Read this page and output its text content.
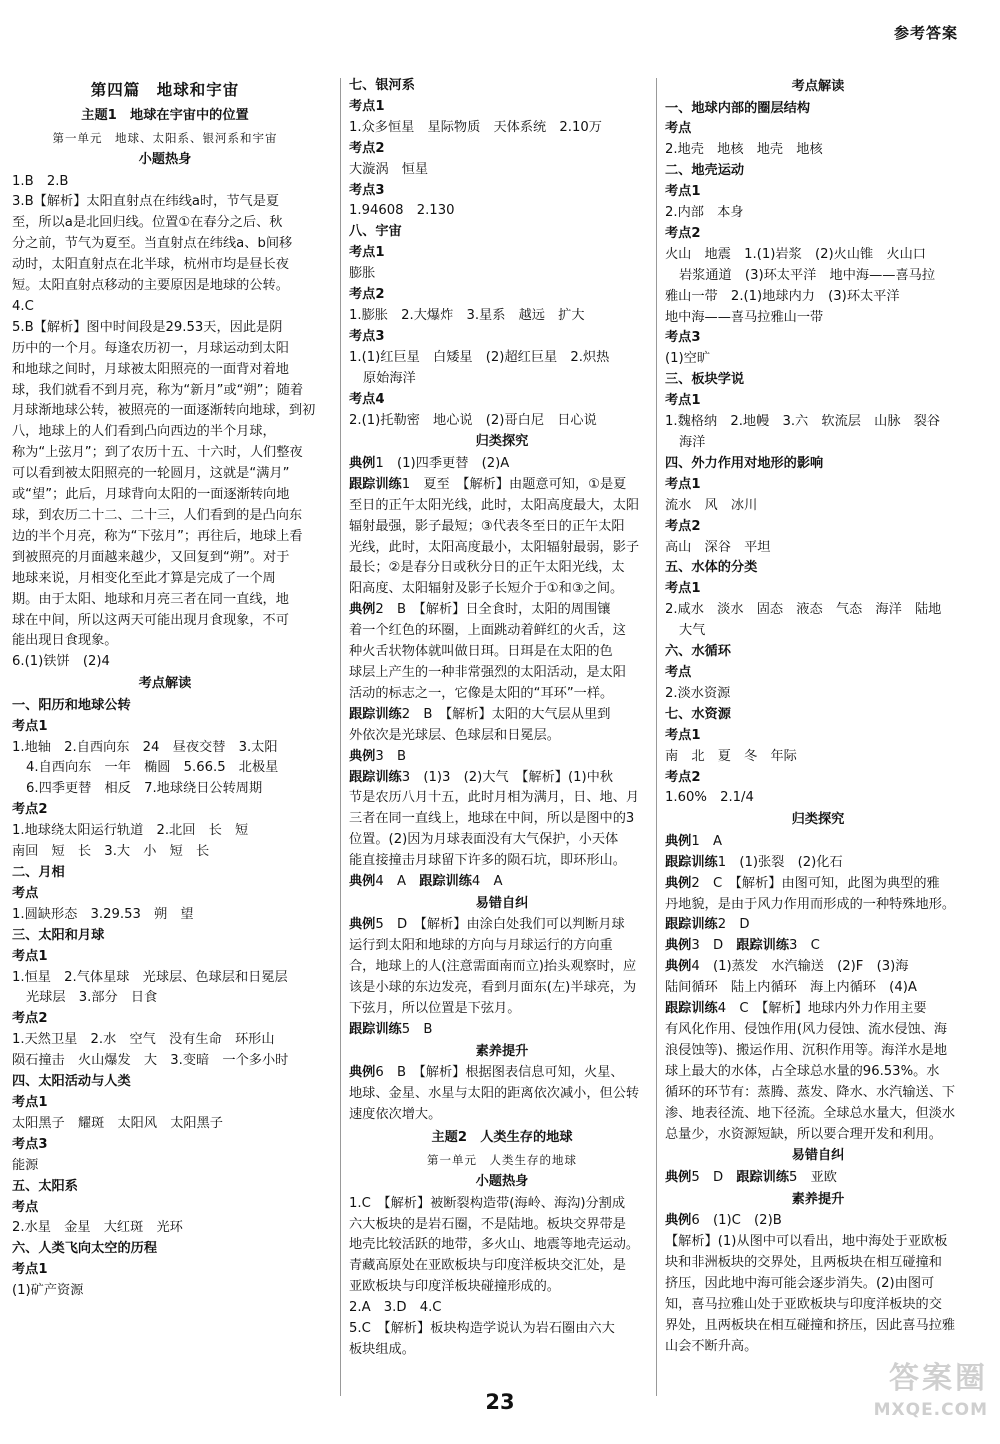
参考答案
第四篇　地球和宇宙
主题1　地球在宇宙中的位置
第一单元　地球、太阳系、银河系和宇宙
小题热身
1.B　2.B
3.B【解析】太阳直射点在纬线a时，节气是夏
至，所以a是北回归线。位置①在春分之后、秋
分之前，节气为夏至。当直射点在纬线a、b间移
动时，太阳直射点在北半球，杭州市均是昼长夜
短。太阳直射点移动的主要原因是地球的公转。
4.C
5.B【解析】图中时间段是29.53天，因此是阴
历中的一个月。每逢农历初一，月球运动到太阳
和地球之间时，月球被太阳照亮的一面背对着地
球，我们就看不到月亮，称为“新月”或“朔”；随着
月球渐地球公转，被照亮的一面逐渐转向地球，到初
八，地球上的人们看到凸向西边的半个月球，
称为“上弦月”；到了农历十五、十六时，人们整夜
可以看到被太阳照亮的一轮圆月，这就是“满月”
或“望”；此后，月球背向太阳的一面逐渐转向地
球，到农历二十二、二十三，人们看到的是凸向东
边的半个月亮，称为“下弦月”；再往后，地球上看
到被照亮的月面越来越少，又回复到“朔”。对于
地球来说，月相变化至此才算是完成了一个周
期。由于太阳、地球和月亮三者在同一直线，地
球在中间，所以这两天可能出现月食现象，不可
能出现日食现象。
6.(1)铁饼　(2)4
考点解读
一、阳历和地球公转
考点1
1.地轴　2.自西向东　24　昼夜交替　3.太阳
4.自西向东　一年　椭圆　5.66.5　北极星
6.四季更替　相反　7.地球绕日公转周期
考点2
1.地球绕太阳运行轨道　2.北回　长　短
南回　短　长　3.大　小　短　长
二、月相
考点
1.圆缺形态　3.29.53　朔　望
三、太阳和月球
考点1
1.恒星　2.气体星球　光球层、色球层和日冕层
光球层　3.部分　日食
考点2
1.天然卫星　2.水　空气　没有生命　环形山
陨石撞击　火山爆发　大　3.变暗　一个多小时
四、太阳活动与人类
考点1
太阳黑子　耀斑　太阳风　太阳黑子
考点3
能源
五、太阳系
考点
2.水星　金星　大红斑　光环
六、人类飞向太空的历程
考点1
(1)矿产资源
七、银河系
考点1
1.众多恒星　星际物质　天体系统　2.10万
考点2
大漩涡　恒星
考点3
1.94608　2.130
八、宇宙
考点1
膨胀
考点2
1.膨胀　2.大爆炸　3.星系　越远　扩大
考点3
1.(1)红巨星　白矮星　(2)超红巨星　2.炽热
原始海洋
考点4
2.(1)托勒密　地心说　(2)哥白尼　日心说
归类探究
典例1　(1)四季更替　(2)A
跟踪训练1　夏至　【解析】由题意可知，①是夏
至日的正午太阳光线，此时，太阳高度最大，太阳
辐射最强，影子最短；③代表冬至日的正午太阳
光线，此时，太阳高度最小，太阳辐射最弱，影子
最长；②是春分日或秋分日的正午太阳光线，太
阳高度、太阳辐射及影子长短介于①和③之间。
典例2　B　【解析】日全食时，太阳的周围镶
着一个红色的环圈，上面跳动着鲜红的火舌，这
种火舌状物体就叫做日珥。日珥是在太阳的色
球层上产生的一种非常强烈的太阳活动，是太阳
活动的标志之一，它像是太阳的“耳环”一样。
跟踪训练2　B　【解析】太阳的大气层从里到
外依次是光球层、色球层和日冕层。
典例3　B
跟踪训练3　(1)3　(2)大气　【解析】(1)中秋
节是农历八月十五，此时月相为满月，日、地、月
三者在同一直线上，地球在中间，所以是图中的3
位置。(2)因为月球表面没有大气保护，小天体
能直接撞击月球留下许多的陨石坑，即环形山。
典例4　A　跟踪训练4　A
易错自纠
典例5　D　【解析】由涂白处我们可以判断月球
运行到太阳和地球的方向与月球运行的方向重
合，地球上的人(注意需面南而立)抬头观察时，应
该是小球的东边发亮，看到月面东(左)半球亮，为
下弦月，所以位置是下弦月。
跟踪训练5　B
素养提升
典例6　B　【解析】根据图表信息可知，火星、
地球、金星、水星与太阳的距离依次减小，但公转
速度依次增大。
主题2　人类生存的地球
第一单元　人类生存的地球
小题热身
1.C　【解析】被断裂构造带(海岭、海沟)分割成
六大板块的是岩石圈，不是陆地。板块交界带是
地壳比较活跃的地带，多火山、地震等地壳运动。
青藏高原处在亚欧板块与印度洋板块交汇处，是
亚欧板块与印度洋板块碰撞形成的。
2.A　3.D　4.C
5.C　【解析】板块构造学说认为岩石圈由六大
板块组成。
考点解读
一、地球内部的圈层结构
考点
2.地壳　地核　地壳　地核
二、地壳运动
考点1
2.内部　本身
考点2
火山　地震　1.(1)岩浆　(2)火山锥　火山口
岩浆通道　(3)环太平洋　地中海——喜马拉
雅山一带　2.(1)地球内力　(3)环太平洋
地中海——喜马拉雅山一带
考点3
(1)空旷
三、板块学说
考点1
1.魏格纳　2.地幔　3.六　软流层　山脉　裂谷
海洋
四、外力作用对地形的影响
考点1
流水　风　冰川
考点2
高山　深谷　平坦
五、水体的分类
考点1
2.咸水　淡水　固态　液态　气态　海洋　陆地
大气
六、水循环
考点
2.淡水资源
七、水资源
考点1
南　北　夏　冬　年际
考点2
1.60%　2.1/4
归类探究
典例1　A
跟踪训练1　(1)张裂　(2)化石
典例2　C　【解析】由图可知，此图为典型的雅
丹地貌，是由于风力作用而形成的一种特殊地形。
跟踪训练2　D
典例3　D　跟踪训练3　C
典例4　(1)蒸发　水汽输送　(2)F　(3)海
陆间循环　陆上内循环　海上内循环　(4)A
跟踪训练4　C　【解析】地球内外力作用主要
有风化作用、侵蚀作用(风力侵蚀、流水侵蚀、海
浪侵蚀等)、搬运作用、沉积作用等。海洋水是地
球上最大的水体，占全球总水量的96.53%。水
循环的环节有：蒸腾、蒸发、降水、水汽输送、下
渗、地表径流、地下径流。全球总水量大，但淡水
总量少，水资源短缺，所以要合理开发和利用。
易错自纠
典例5　D　跟踪训练5　亚欧
素养提升
典例6　(1)C　(2)B
【解析】(1)从图中可以看出，地中海处于亚欧板
块和非洲板块的交界处，且两板块在相互碰撞和
挤压，因此地中海可能会逐步消失。(2)由图可
知，喜马拉雅山处于亚欧板块与印度洋板块的交
界处，且两板块在相互碰撞和挤压，因此喜马拉雅
山会不断升高。
23
答案圈
MXQE.COM
